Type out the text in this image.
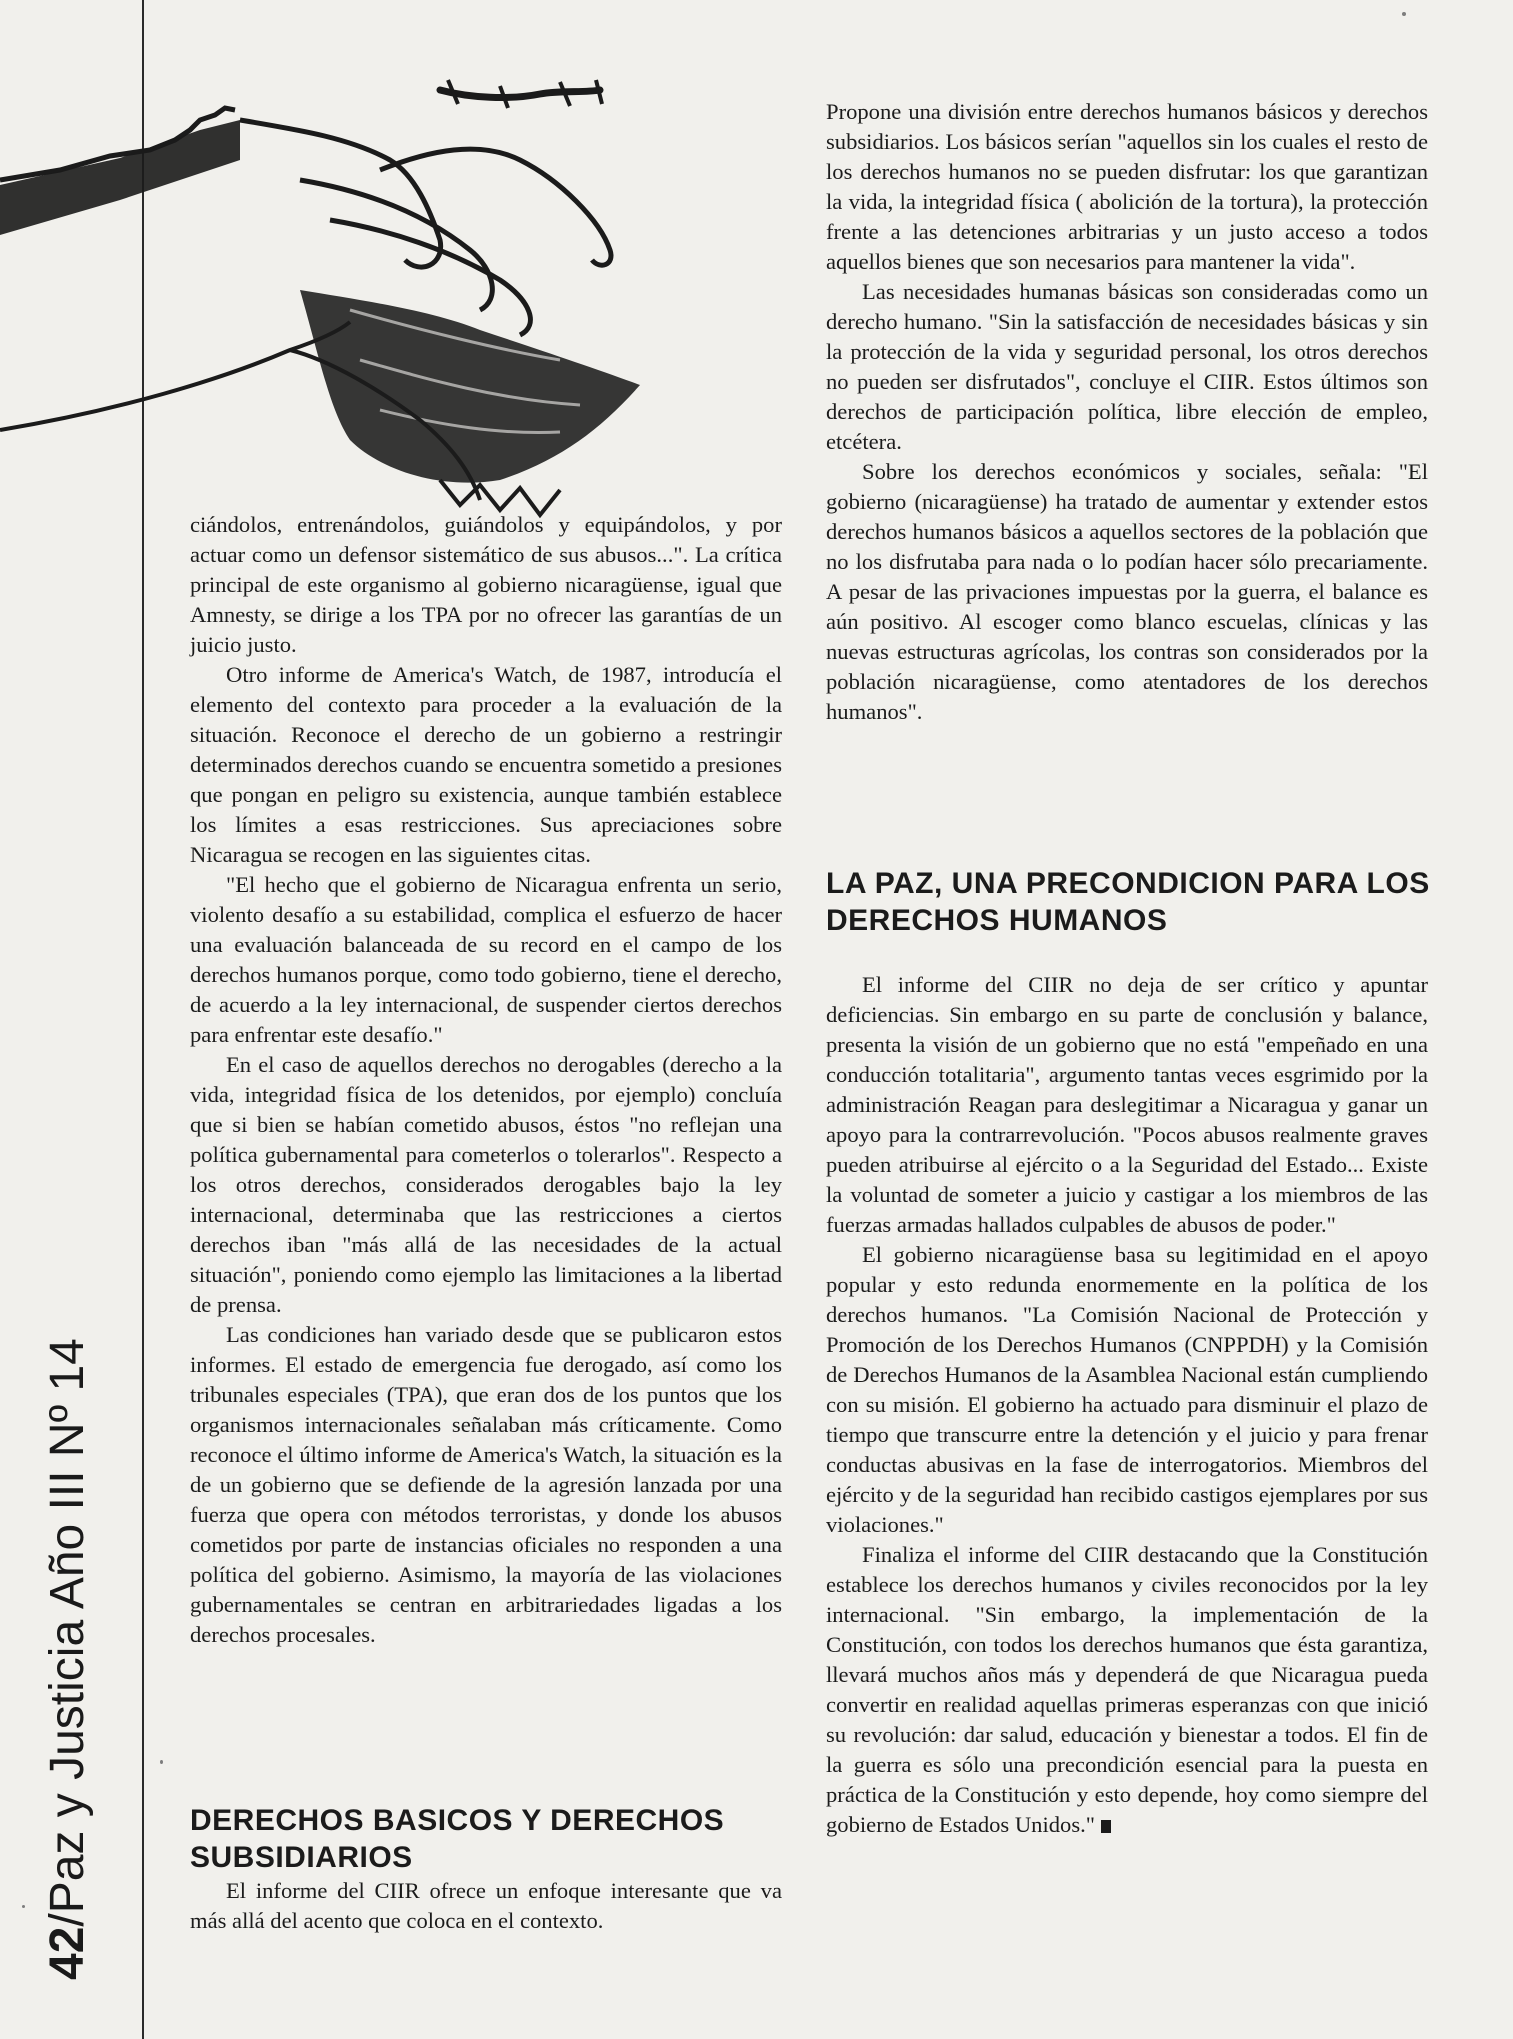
42/Paz y Justicia Año III Nº 14

ciándolos, entrenándolos, guiándolos y equipándolos, y por actuar como un defensor sistemático de sus abusos...". La crítica principal de este organismo al gobierno nicaragüense, igual que Amnesty, se dirige a los TPA por no ofrecer las garantías de un juicio justo.

Otro informe de America's Watch, de 1987, introducía el elemento del contexto para proceder a la evaluación de la situación. Reconoce el derecho de un gobierno a restringir determinados derechos cuando se encuentra sometido a presiones que pongan en peligro su existencia, aunque también establece los límites a esas restricciones. Sus apreciaciones sobre Nicaragua se recogen en las siguientes citas.

"El hecho que el gobierno de Nicaragua enfrenta un serio, violento desafío a su estabilidad, complica el esfuerzo de hacer una evaluación balanceada de su record en el campo de los derechos humanos porque, como todo gobierno, tiene el derecho, de acuerdo a la ley internacional, de suspender ciertos derechos para enfrentar este desafío."

En el caso de aquellos derechos no derogables (derecho a la vida, integridad física de los detenidos, por ejemplo) concluía que si bien se habían cometido abusos, éstos "no reflejan una política gubernamental para cometerlos o tolerarlos". Respecto a los otros derechos, considerados derogables bajo la ley internacional, determinaba que las restricciones a ciertos derechos iban "más allá de las necesidades de la actual situación", poniendo como ejemplo las limitaciones a la libertad de prensa.

Las condiciones han variado desde que se publicaron estos informes. El estado de emergencia fue derogado, así como los tribunales especiales (TPA), que eran dos de los puntos que los organismos internacionales señalaban más críticamente. Como reconoce el último informe de America's Watch, la situación es la de un gobierno que se defiende de la agresión lanzada por una fuerza que opera con métodos terroristas, y donde los abusos cometidos por parte de instancias oficiales no responden a una política del gobierno. Asimismo, la mayoría de las violaciones gubernamentales se centran en arbitrariedades ligadas a los derechos procesales.

DERECHOS BASICOS Y DERECHOS SUBSIDIARIOS

El informe del CIIR ofrece un enfoque interesante que va más allá del acento que coloca en el contexto.

Propone una división entre derechos humanos básicos y derechos subsidiarios. Los básicos serían "aquellos sin los cuales el resto de los derechos humanos no se pueden disfrutar: los que garantizan la vida, la integridad física ( abolición de la tortura), la protección frente a las detenciones arbitrarias y un justo acceso a todos aquellos bienes que son necesarios para mantener la vida".

Las necesidades humanas básicas son consideradas como un derecho humano. "Sin la satisfacción de necesidades básicas y sin la protección de la vida y seguridad personal, los otros derechos no pueden ser disfrutados", concluye el CIIR. Estos últimos son derechos de participación política, libre elección de empleo, etcétera.

Sobre los derechos económicos y sociales, señala: "El gobierno (nicaragüense) ha tratado de aumentar y extender estos derechos humanos básicos a aquellos sectores de la población que no los disfrutaba para nada o lo podían hacer sólo precariamente. A pesar de las privaciones impuestas por la guerra, el balance es aún positivo. Al escoger como blanco escuelas, clínicas y las nuevas estructuras agrícolas, los contras son considerados por la población nicaragüense, como atentadores de los derechos humanos".

LA PAZ, UNA PRECONDICION PARA LOS DERECHOS HUMANOS

El informe del CIIR no deja de ser crítico y apuntar deficiencias. Sin embargo en su parte de conclusión y balance, presenta la visión de un gobierno que no está "empeñado en una conducción totalitaria", argumento tantas veces esgrimido por la administración Reagan para deslegitimar a Nicaragua y ganar un apoyo para la contrarrevolución. "Pocos abusos realmente graves pueden atribuirse al ejército o a la Seguridad del Estado... Existe la voluntad de someter a juicio y castigar a los miembros de las fuerzas armadas hallados culpables de abusos de poder."

El gobierno nicaragüense basa su legitimidad en el apoyo popular y esto redunda enormemente en la política de los derechos humanos. "La Comisión Nacional de Protección y Promoción de los Derechos Humanos (CNPPDH) y la Comisión de Derechos Humanos de la Asamblea Nacional están cumpliendo con su misión. El gobierno ha actuado para disminuir el plazo de tiempo que transcurre entre la detención y el juicio y para frenar conductas abusivas en la fase de interrogatorios. Miembros del ejército y de la seguridad han recibido castigos ejemplares por sus violaciones."

Finaliza el informe del CIIR destacando que la Constitución establece los derechos humanos y civiles reconocidos por la ley internacional. "Sin embargo, la implementación de la Constitución, con todos los derechos humanos que ésta garantiza, llevará muchos años más y dependerá de que Nicaragua pueda convertir en realidad aquellas primeras esperanzas con que inició su revolución: dar salud, educación y bienestar a todos. El fin de la guerra es sólo una precondición esencial para la puesta en práctica de la Constitución y esto depende, hoy como siempre del gobierno de Estados Unidos."
